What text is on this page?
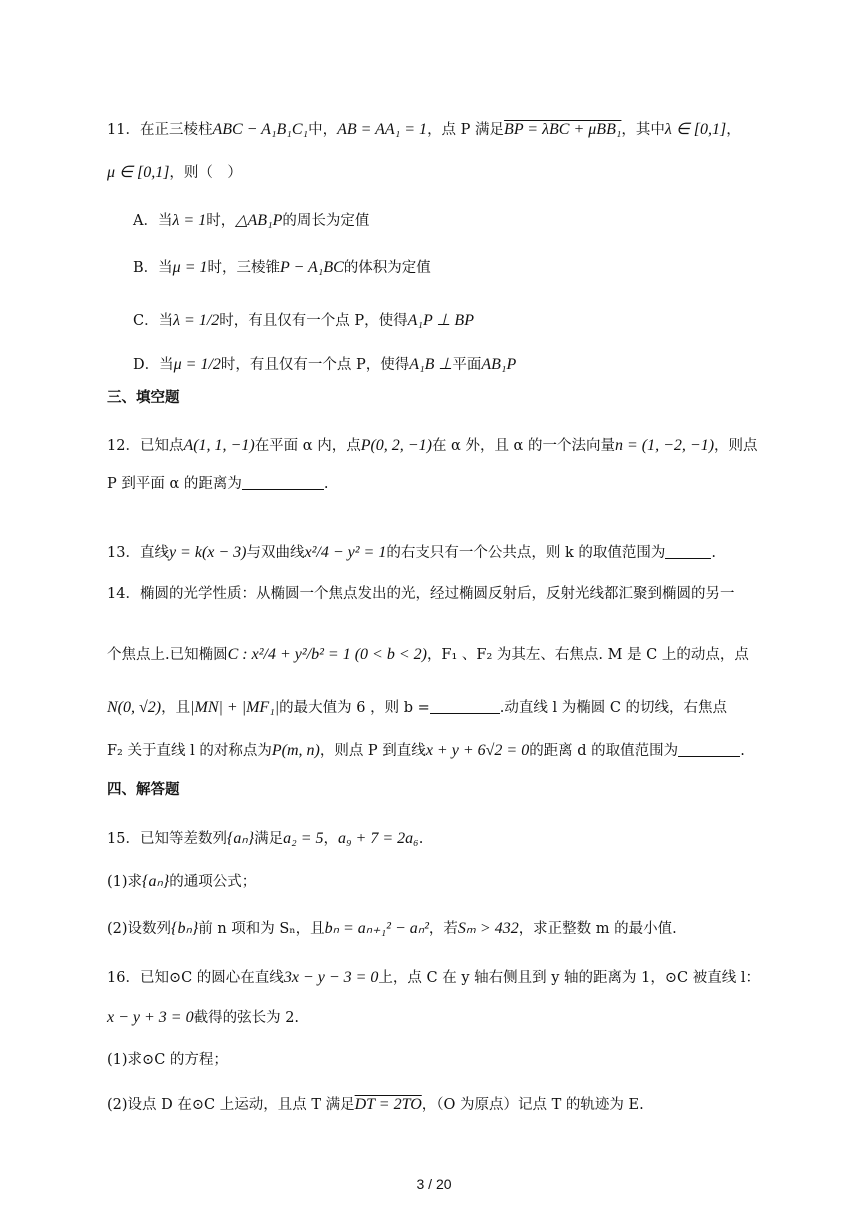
11．在正三棱柱ABC − A₁B₁C₁中，AB = AA₁ = 1，点 P 满足BP = λBC + μBB₁，其中λ ∈ [0,1]，
μ ∈ [0,1]，则（　）
A．当λ = 1时，△AB₁P的周长为定值
B．当μ = 1时，三棱锥P − A₁BC的体积为定值
C．当λ = 1/2时，有且仅有一个点 P，使得A₁P ⊥ BP
D．当μ = 1/2时，有且仅有一个点 P，使得A₁B ⊥平面AB₁P
三、填空题
12．已知点A(1, 1, −1)在平面 α 内，点P(0, 2, −1)在 α 外，且 α 的一个法向量n = (1, −2, −1)，则点
P 到平面 α 的距离为	.
13．直线y = k(x − 3)与双曲线x²/4 − y² = 1的右支只有一个公共点，则 k 的取值范围为	.
14．椭圆的光学性质：从椭圆一个焦点发出的光，经过椭圆反射后，反射光线都汇聚到椭圆的另一
个焦点上.已知椭圆C : x²/4 + y²/b² = 1 (0 < b < 2)，F₁ 、F₂ 为其左、右焦点. M 是 C 上的动点，点
N(0, √2)，且|MN| + |MF₁|的最大值为 6 ，则 b =	.动直线 l 为椭圆 C 的切线，右焦点
F₂ 关于直线 l 的对称点为P(m, n)，则点 P 到直线x + y + 6√2 = 0的距离 d 的取值范围为	.
四、解答题
15．已知等差数列{aₙ}满足a₂ = 5，a₉ + 7 = 2a₆.
(1)求{aₙ}的通项公式；
(2)设数列{bₙ}前 n 项和为 Sₙ，且bₙ = aₙ₊₁² − aₙ²，若Sₘ > 432，求正整数 m 的最小值.
16．已知⊙C 的圆心在直线3x − y − 3 = 0上，点 C 在 y 轴右侧且到 y 轴的距离为 1，⊙C 被直线 l：
x − y + 3 = 0截得的弦长为 2.
(1)求⊙C 的方程；
(2)设点 D 在⊙C 上运动，且点 T 满足DT = 2TO，（O 为原点）记点 T 的轨迹为 E.
3 / 20
